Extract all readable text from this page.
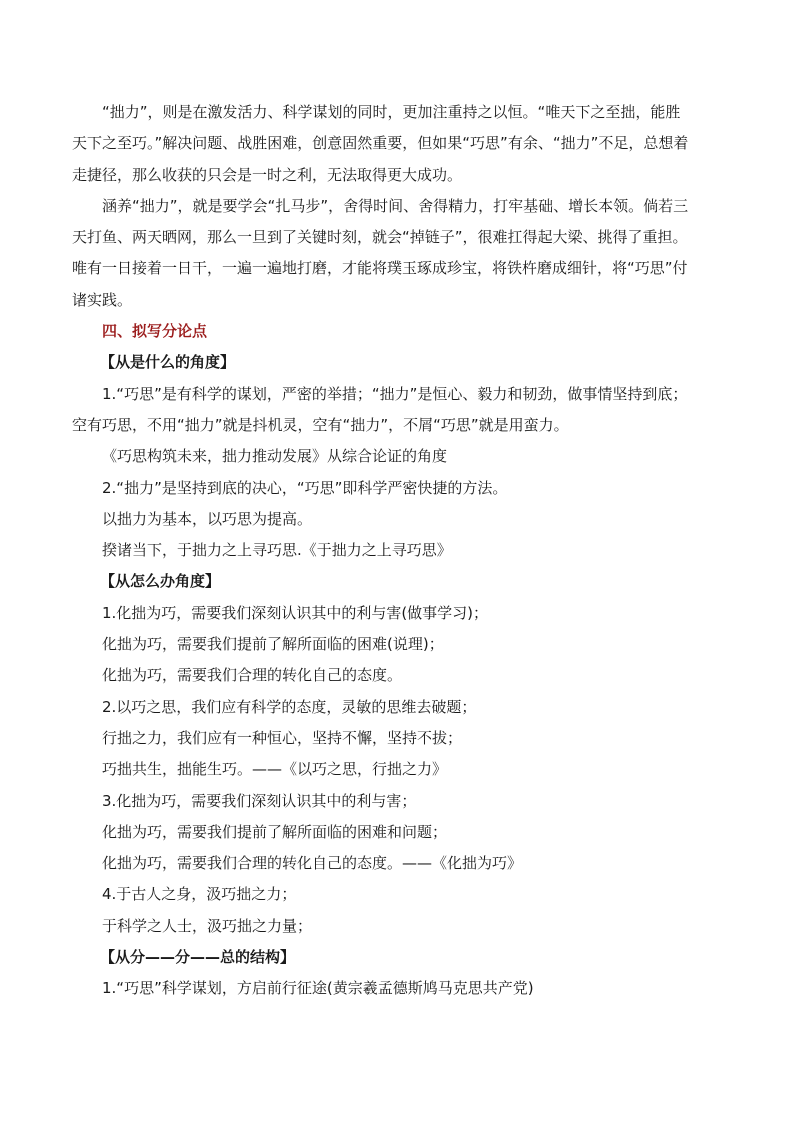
“拙力”，则是在激发活力、科学谋划的同时，更加注重持之以恒。“唯天下之至拙，能胜
天下之至巧。”解决问题、战胜困难，创意固然重要，但如果“巧思”有余、“拙力”不足，总想着
走捷径，那么收获的只会是一时之利，无法取得更大成功。
涵养“拙力”，就是要学会“扎马步”，舍得时间、舍得精力，打牢基础、增长本领。倘若三
天打鱼、两天晒网，那么一旦到了关键时刻，就会“掉链子”，很难扛得起大梁、挑得了重担。
唯有一日接着一日干，一遍一遍地打磨，才能将璞玉琢成珍宝，将铁杵磨成细针，将“巧思”付
诸实践。
四、拟写分论点
【从是什么的角度】
1.“巧思”是有科学的谋划，严密的举措；“拙力”是恒心、毅力和韧劲，做事情坚持到底；
空有巧思，不用“拙力”就是抖机灵，空有“拙力”，不屑“巧思”就是用蛮力。
《巧思构筑未来，拙力推动发展》从综合论证的角度
2.“拙力”是坚持到底的决心，“巧思”即科学严密快捷的方法。
以拙力为基本，以巧思为提高。
揆诸当下，于拙力之上寻巧思.《于拙力之上寻巧思》
【从怎么办角度】
1.化拙为巧，需要我们深刻认识其中的利与害(做事学习)；
化拙为巧，需要我们提前了解所面临的困难(说理)；
化拙为巧，需要我们合理的转化自己的态度。
2.以巧之思，我们应有科学的态度，灵敏的思维去破题；
行拙之力，我们应有一种恒心，坚持不懈，坚持不拔；
巧拙共生，拙能生巧。——《以巧之思，行拙之力》
3.化拙为巧，需要我们深刻认识其中的利与害；
化拙为巧，需要我们提前了解所面临的困难和问题；
化拙为巧，需要我们合理的转化自己的态度。——《化拙为巧》
4.于古人之身，汲巧拙之力；
于科学之人士，汲巧拙之力量；
【从分——分——总的结构】
1.“巧思”科学谋划，方启前行征途(黄宗羲孟德斯鸠马克思共产党)
